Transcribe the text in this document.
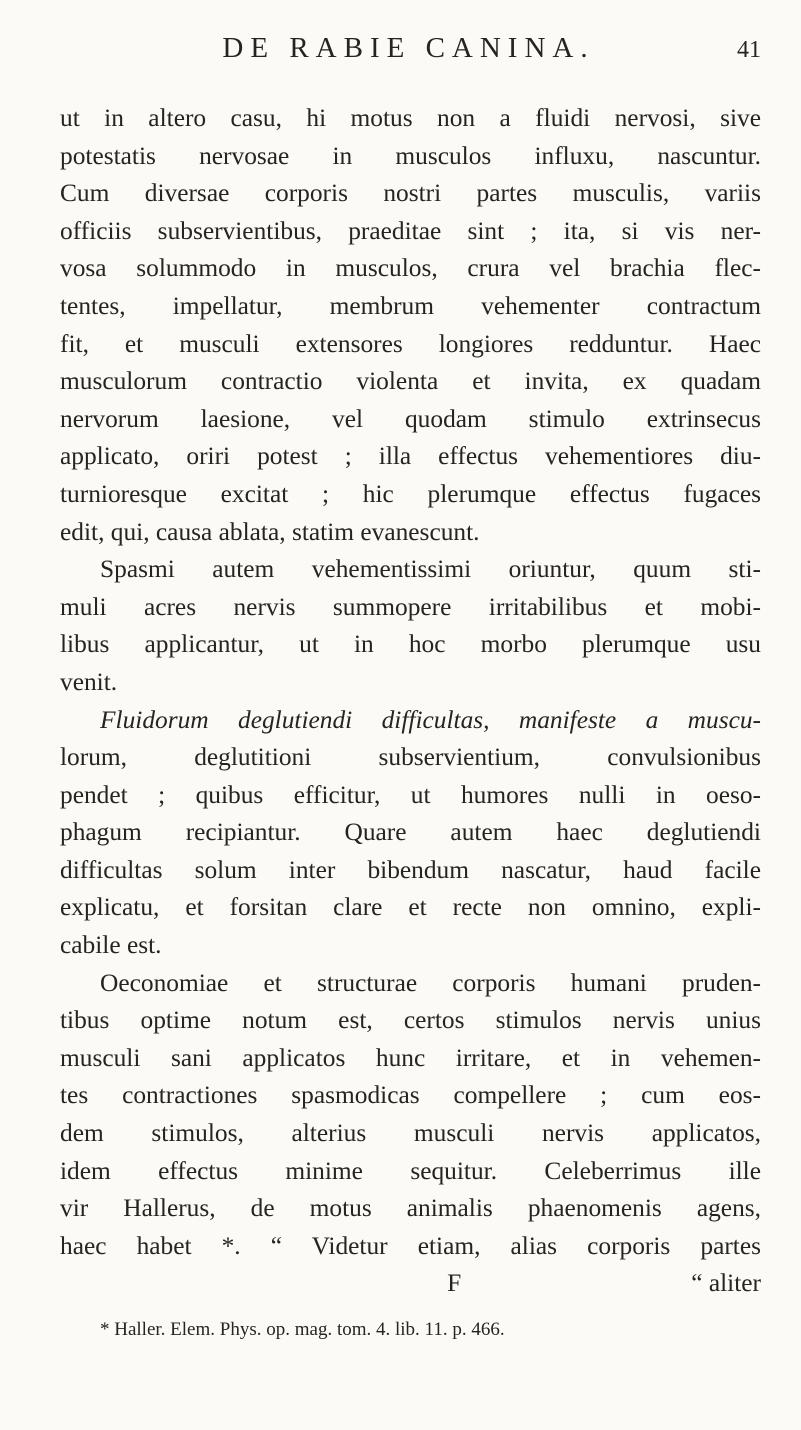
DE RABIE CANINA.	41
ut in altero casu, hi motus non a fluidi nervosi, sive
potestatis nervosae in musculos influxu, nascuntur.
Cum diversae corporis nostri partes musculis, variis
officiis subservientibus, praeditae sint ; ita, si vis ner-
vosa solummodo in musculos, crura vel brachia flec-
tentes, impellatur, membrum vehementer contractum
fit, et musculi extensores longiores redduntur. Haec
musculorum contractio violenta et invita, ex quadam
nervorum laesione, vel quodam stimulo extrinsecus
applicato, oriri potest ; illa effectus vehementiores diu-
turnioresque excitat ; hic plerumque effectus fugaces
edit, qui, causa ablata, statim evanescunt.
Spasmi autem vehementissimi oriuntur, quum sti-
muli acres nervis summopere irritabilibus et mobi-
libus applicantur, ut in hoc morbo plerumque usu
venit.
Fluidorum deglutiendi difficultas, manifeste a muscu-
lorum, deglutitioni subservientium, convulsionibus
pendet ; quibus efficitur, ut humores nulli in oeso-
phagum recipiantur. Quare autem haec deglutiendi
difficultas solum inter bibendum nascatur, haud facile
explicatu, et forsitan clare et recte non omnino, expli-
cabile est.
Oeconomiae et structurae corporis humani pruden-
tibus optime notum est, certos stimulos nervis unius
musculi sani applicatos hunc irritare, et in vehemen-
tes contractiones spasmodicas compellere ; cum eos-
dem stimulos, alterius musculi nervis applicatos,
idem effectus minime sequitur. Celeberrimus ille
vir Hallerus, de motus animalis phaenomenis agens,
haec habet *. “ Videtur etiam, alias corporis partes
F	“ aliter
* Haller. Elem. Phys. op. mag. tom. 4. lib. 11. p. 466.
